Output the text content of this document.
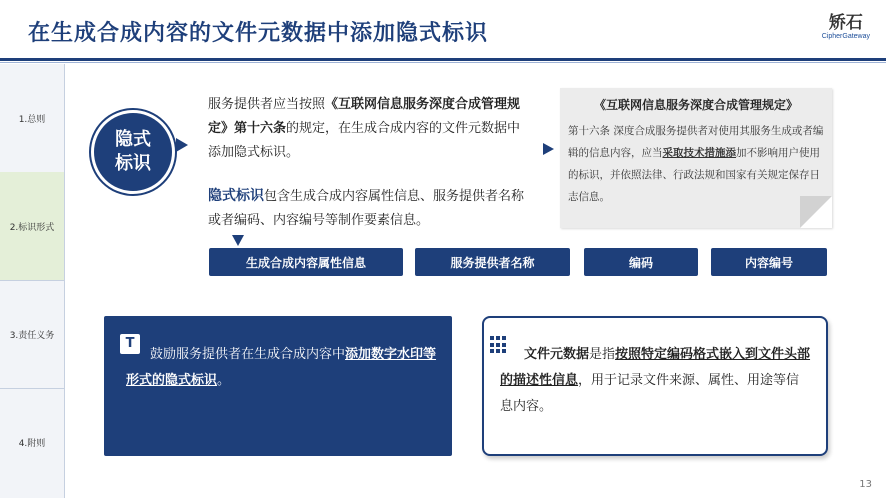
在生成合成内容的文件元数据中添加隐式标识	矫石
CipherGateway
1.总则
2.标识形式
3.责任义务
4.附则
隐式
标识
服务提供者应当按照《互联网信息服务深度合成管理规定》第十六条的规定，在生成合成内容的文件元数据中添加隐式标识。
隐式标识包含生成合成内容属性信息、服务提供者名称或者编码、内容编号等制作要素信息。
《互联网信息服务深度合成管理规定》
第十六条 深度合成服务提供者对使用其服务生成或者编辑的信息内容，应当采取技术措施添加不影响用户使用的标识，并依照法律、行政法规和国家有关规定保存日志信息。
生成合成内容属性信息	服务提供者名称	编码	内容编号
T
鼓励服务提供者在生成合成内容中添加数字水印等形式的隐式标识。
文件元数据是指按照特定编码格式嵌入到文件头部的描述性信息，用于记录文件来源、属性、用途等信息内容。
13
